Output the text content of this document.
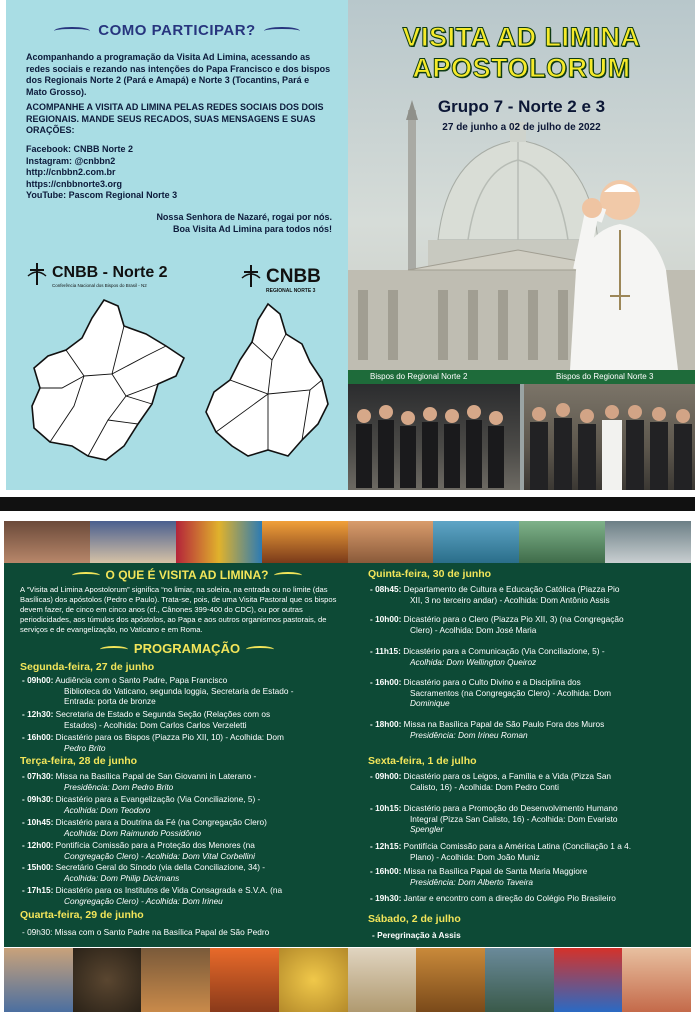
COMO PARTICIPAR?
Acompanhando a programação da Visita Ad Limina, acessando as redes sociais e rezando nas intenções do Papa Francisco e dos bispos dos Regionais Norte 2 (Pará e Amapá) e Norte 3 (Tocantins, Pará e Mato Grosso).
ACOMPANHE A VISITA AD LIMINA PELAS REDES SOCIAIS DOS DOIS REGIONAIS. MANDE SEUS RECADOS, SUAS MENSAGENS E SUAS ORAÇÕES:
Facebook: CNBB Norte 2
Instagram: @cnbbn2
http://cnbbn2.com.br
https://cnbbnorte3.org
YouTube: Pascom Regional Norte 3
Nossa Senhora de Nazaré, rogai por nós.
Boa Visita Ad Limina para todos nós!
CNBB - Norte 2
Conferência Nacional dos Bispos do Brasil - N2	CNBB
REGIONAL NORTE 3
VISITA AD LIMINA
APOSTOLORUM
Grupo 7 - Norte 2 e 3
27 de junho a 02 de julho de 2022
Bispos do Regional Norte 2	Bispos do Regional Norte 3
O QUE É VISITA AD LIMINA?
A “Visita ad Limina Apostolorum” significa “no limiar, na soleira, na entrada ou no limite (das Basílicas) dos apóstolos (Pedro e Paulo). Trata-se, pois, de uma Visita Pastoral que os bispos devem fazer, de cinco em cinco anos (cf., Cânones 399-400 do CDC), ou por outras periodicidades, aos túmulos dos apóstolos, ao Papa e aos outros organismos pastorais, de serviços e de evangelização, no Vaticano e em Roma.
PROGRAMAÇÃO
Segunda-feira, 27 de junho
- 09h00: Audiência com o Santo Padre, Papa Francisco
Biblioteca do Vaticano, segunda loggia, Secretaria de Estado -
Entrada: porta de bronze
- 12h30: Secretaria de Estado e Segunda Seção (Relações com os
Estados) - Acolhida: Dom Carlos Carlos Verzeletti
- 16h00: Dicastério para os Bispos (Piazza Pio XII, 10) - Acolhida: Dom
Pedro Brito
Terça-feira, 28 de junho
- 07h30: Missa na Basílica Papal de San Giovanni in Laterano -
Presidência: Dom Pedro Brito
- 09h30: Dicastério para a Evangelização (Via Conciliazione, 5) -
Acolhida: Dom Teodoro
- 10h45: Dicastério para a Doutrina da Fé (na Congregação Clero)
Acolhida: Dom Raimundo Possidônio
- 12h00: Pontifícia Comissão para a Proteção dos Menores (na
Congregação Clero) - Acolhida: Dom Vital Corbellini
- 15h00: Secretário Geral do Sínodo (via della Conciliazione, 34) -
Acolhida: Dom Philip Dickmans
- 17h15: Dicastério para os Institutos de Vida Consagrada e S.V.A. (na
Congregação Clero) - Acolhida: Dom Irineu
Quarta-feira, 29 de junho
- 09h30: Missa com o Santo Padre na Basílica Papal de São Pedro
Quinta-feira, 30 de junho
- 08h45: Departamento de Cultura e Educação Católica (Piazza Pio
XII, 3 no terceiro andar) - Acolhida: Dom Antônio Assis
- 10h00: Dicastério para o Clero (Piazza Pio XII, 3) (na Congregação
Clero) - Acolhida: Dom José Maria
- 11h15: Dicastério para a Comunicação (Via Conciliazione, 5) -
Acolhida: Dom Wellington Queiroz
- 16h00: Dicastério para o Culto Divino e a Disciplina dos
Sacramentos (na Congregação Clero) - Acolhida: Dom
Dominique
- 18h00: Missa na Basílica Papal de São Paulo Fora dos Muros
Presidência: Dom Irineu Roman
Sexta-feira, 1 de julho
- 09h00: Dicastério para os Leigos, a Família e a Vida (Pizza San
Calisto, 16) - Acolhida: Dom Pedro Conti
- 10h15: Dicastério para a Promoção do Desenvolvimento Humano
Integral (Pizza San Calisto, 16) - Acolhida: Dom Evaristo
Spengler
- 12h15: Pontifícia Comissão para a América Latina (Conciliação 1 a 4.
Plano) - Acolhida: Dom João Muniz
- 16h00: Missa na Basílica Papal de Santa Maria Maggiore
Presidência: Dom Alberto Taveira
- 19h30: Jantar e encontro com a direção do Colégio Pio Brasileiro
Sábado, 2 de julho
- Peregrinação à Assis
